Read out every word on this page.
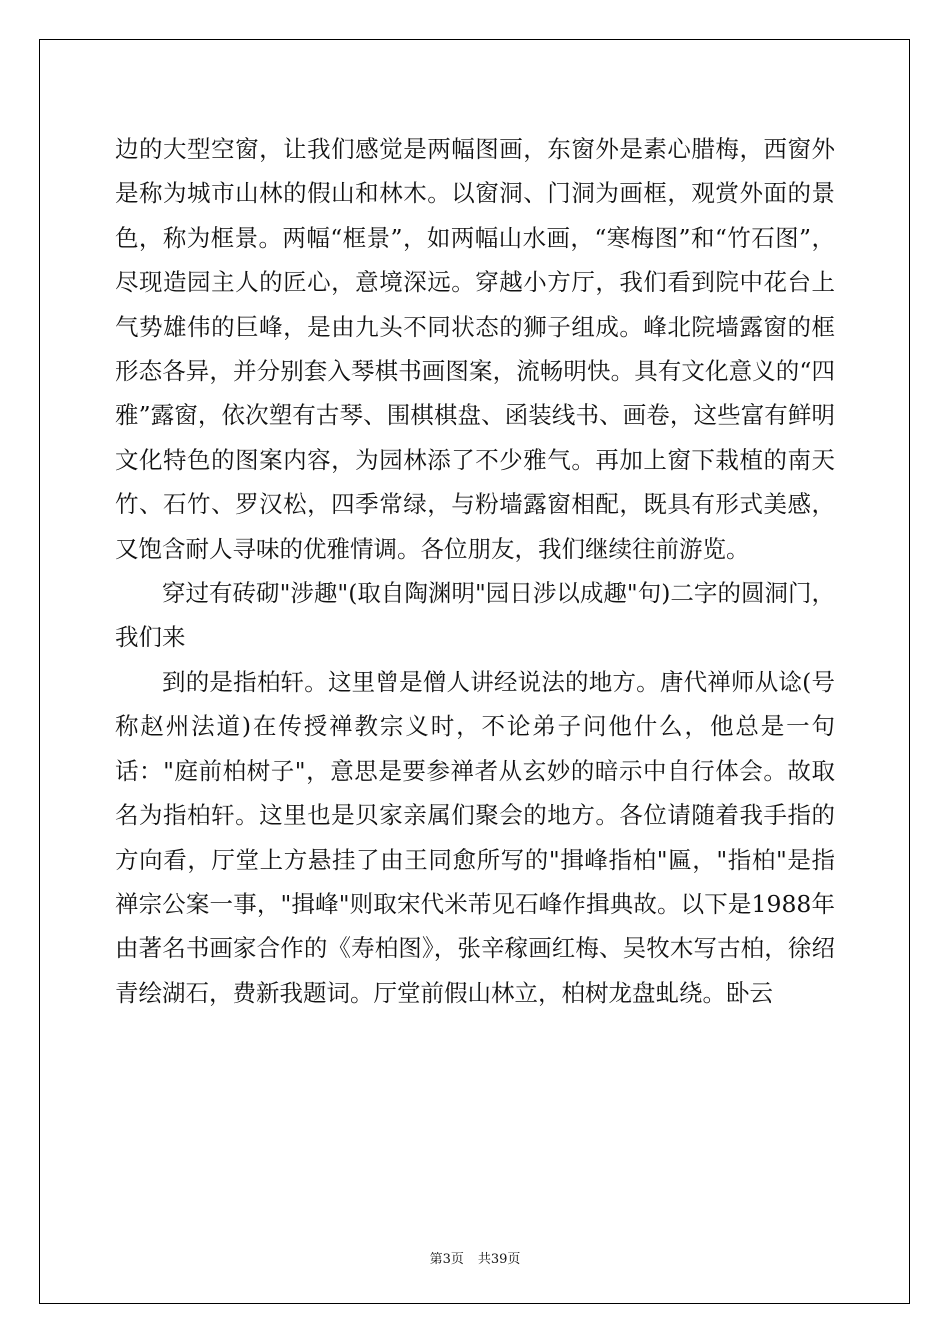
边的大型空窗，让我们感觉是两幅图画，东窗外是素心腊梅，西窗外是称为城市山林的假山和林木。以窗洞、门洞为画框，观赏外面的景色，称为框景。两幅“框景”，如两幅山水画，“寒梅图”和“竹石图”，尽现造园主人的匠心，意境深远。穿越小方厅，我们看到院中花台上气势雄伟的巨峰，是由九头不同状态的狮子组成。峰北院墙露窗的框形态各异，并分别套入琴棋书画图案，流畅明快。具有文化意义的“四雅”露窗，依次塑有古琴、围棋棋盘、函装线书、画卷，这些富有鲜明文化特色的图案内容，为园林添了不少雅气。再加上窗下栽植的南天竹、石竹、罗汉松，四季常绿，与粉墙露窗相配，既具有形式美感，又饱含耐人寻味的优雅情调。各位朋友，我们继续往前游览。

穿过有砖砌"涉趣"(取自陶渊明"园日涉以成趣"句)二字的圆洞门，我们来

到的是指柏轩。这里曾是僧人讲经说法的地方。唐代禅师从谂(号称赵州法道)在传授禅教宗义时，不论弟子问他什么，他总是一句话："庭前柏树子"，意思是要参禅者从玄妙的暗示中自行体会。故取名为指柏轩。这里也是贝家亲属们聚会的地方。各位请随着我手指的方向看，厅堂上方悬挂了由王同愈所写的"揖峰指柏"匾，"指柏"是指禅宗公案一事，"揖峰"则取宋代米芾见石峰作揖典故。以下是1988年由著名书画家合作的《寿柏图》，张辛稼画红梅、吴牧木写古柏，徐绍青绘湖石，费新我题词。厅堂前假山林立，柏树龙盘虬绕。卧云

第3页 共39页
